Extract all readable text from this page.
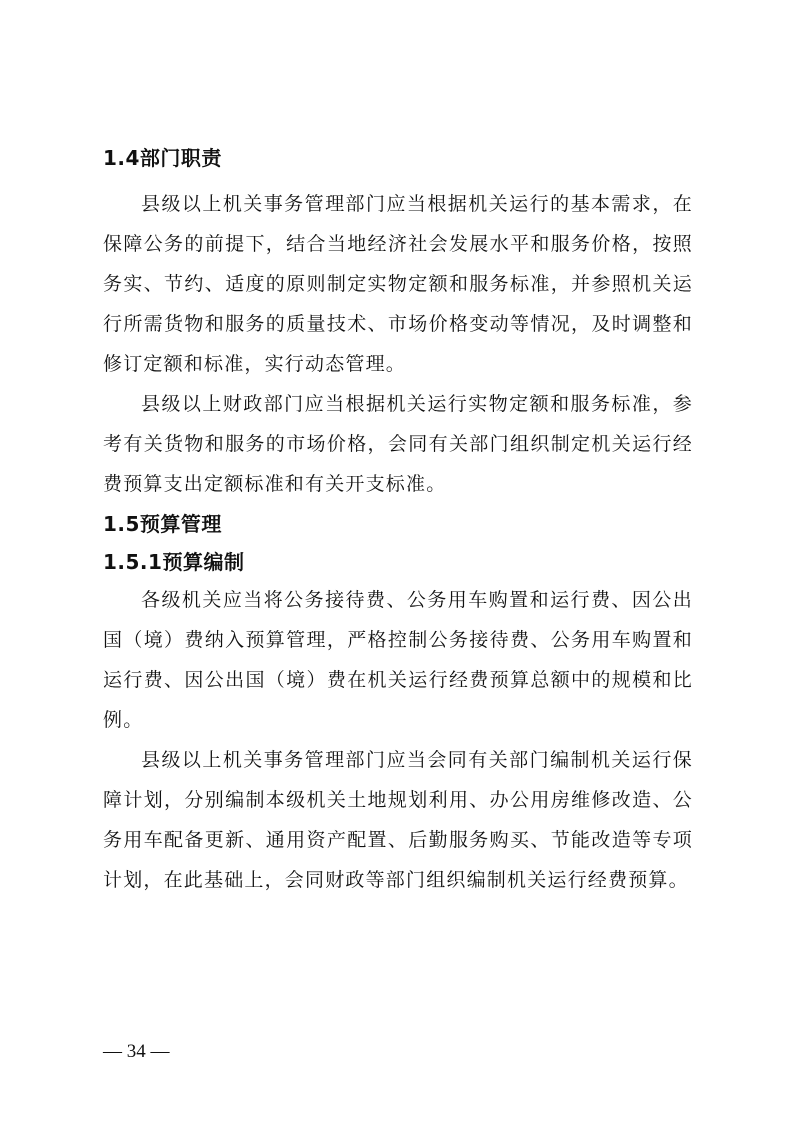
1.4部门职责

县级以上机关事务管理部门应当根据机关运行的基本需求，在保障公务的前提下，结合当地经济社会发展水平和服务价格，按照务实、节约、适度的原则制定实物定额和服务标准，并参照机关运行所需货物和服务的质量技术、市场价格变动等情况，及时调整和修订定额和标准，实行动态管理。

县级以上财政部门应当根据机关运行实物定额和服务标准，参考有关货物和服务的市场价格，会同有关部门组织制定机关运行经费预算支出定额标准和有关开支标准。

1.5预算管理
1.5.1预算编制

各级机关应当将公务接待费、公务用车购置和运行费、因公出国（境）费纳入预算管理，严格控制公务接待费、公务用车购置和运行费、因公出国（境）费在机关运行经费预算总额中的规模和比例。

县级以上机关事务管理部门应当会同有关部门编制机关运行保障计划，分别编制本级机关土地规划利用、办公用房维修改造、公务用车配备更新、通用资产配置、后勤服务购买、节能改造等专项计划，在此基础上，会同财政等部门组织编制机关运行经费预算。

— 34 —
